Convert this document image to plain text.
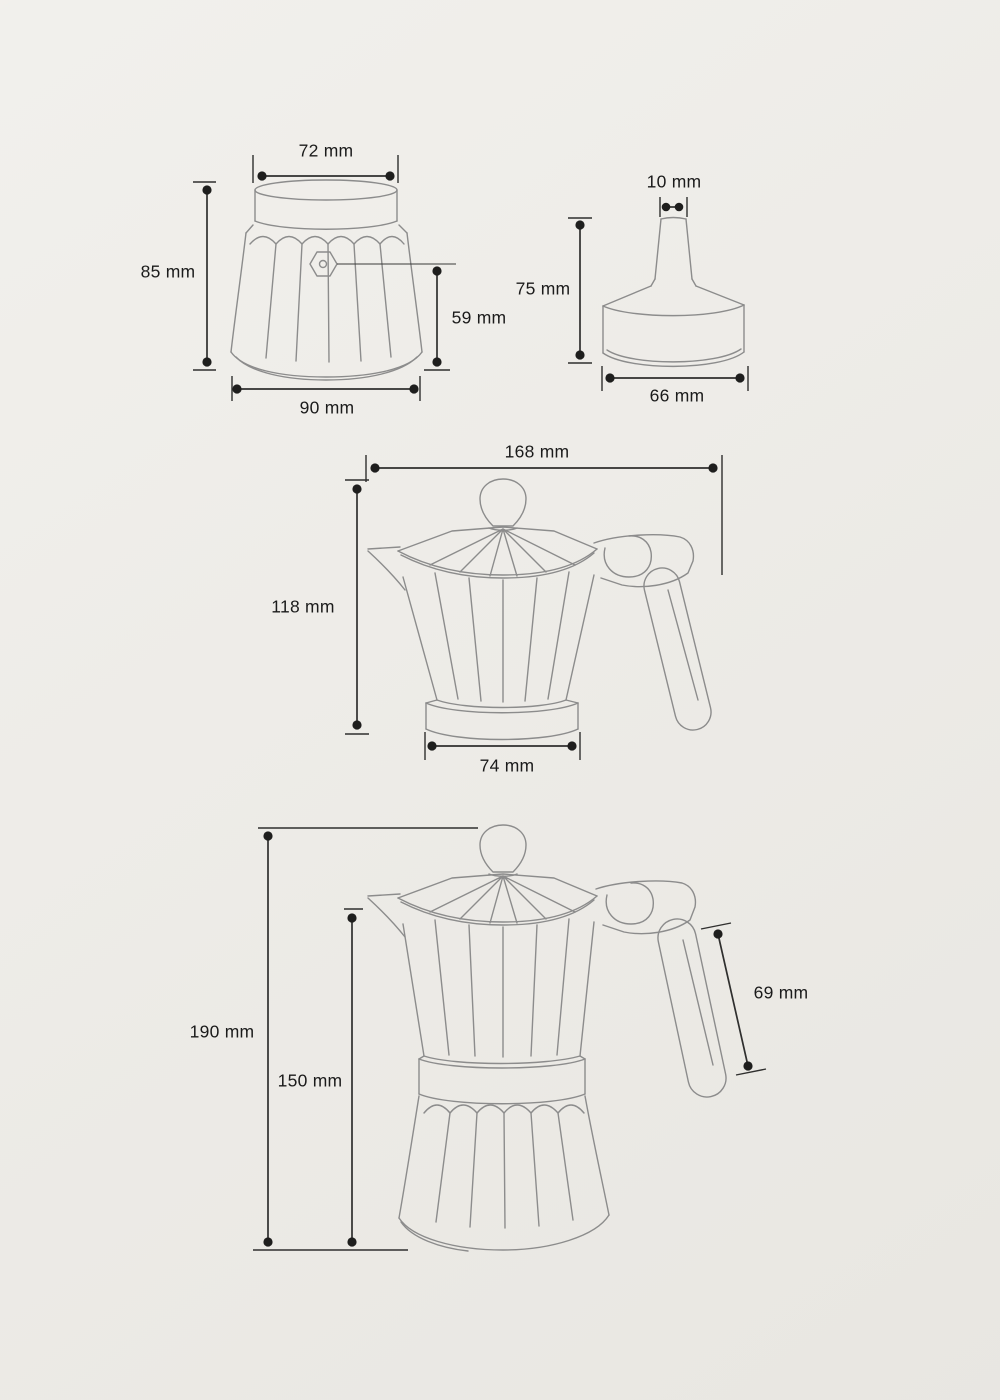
72 mm
85 mm
59 mm
90 mm
10 mm
75 mm
66 mm
168 mm
118 mm
74 mm
190 mm
150 mm
69 mm
